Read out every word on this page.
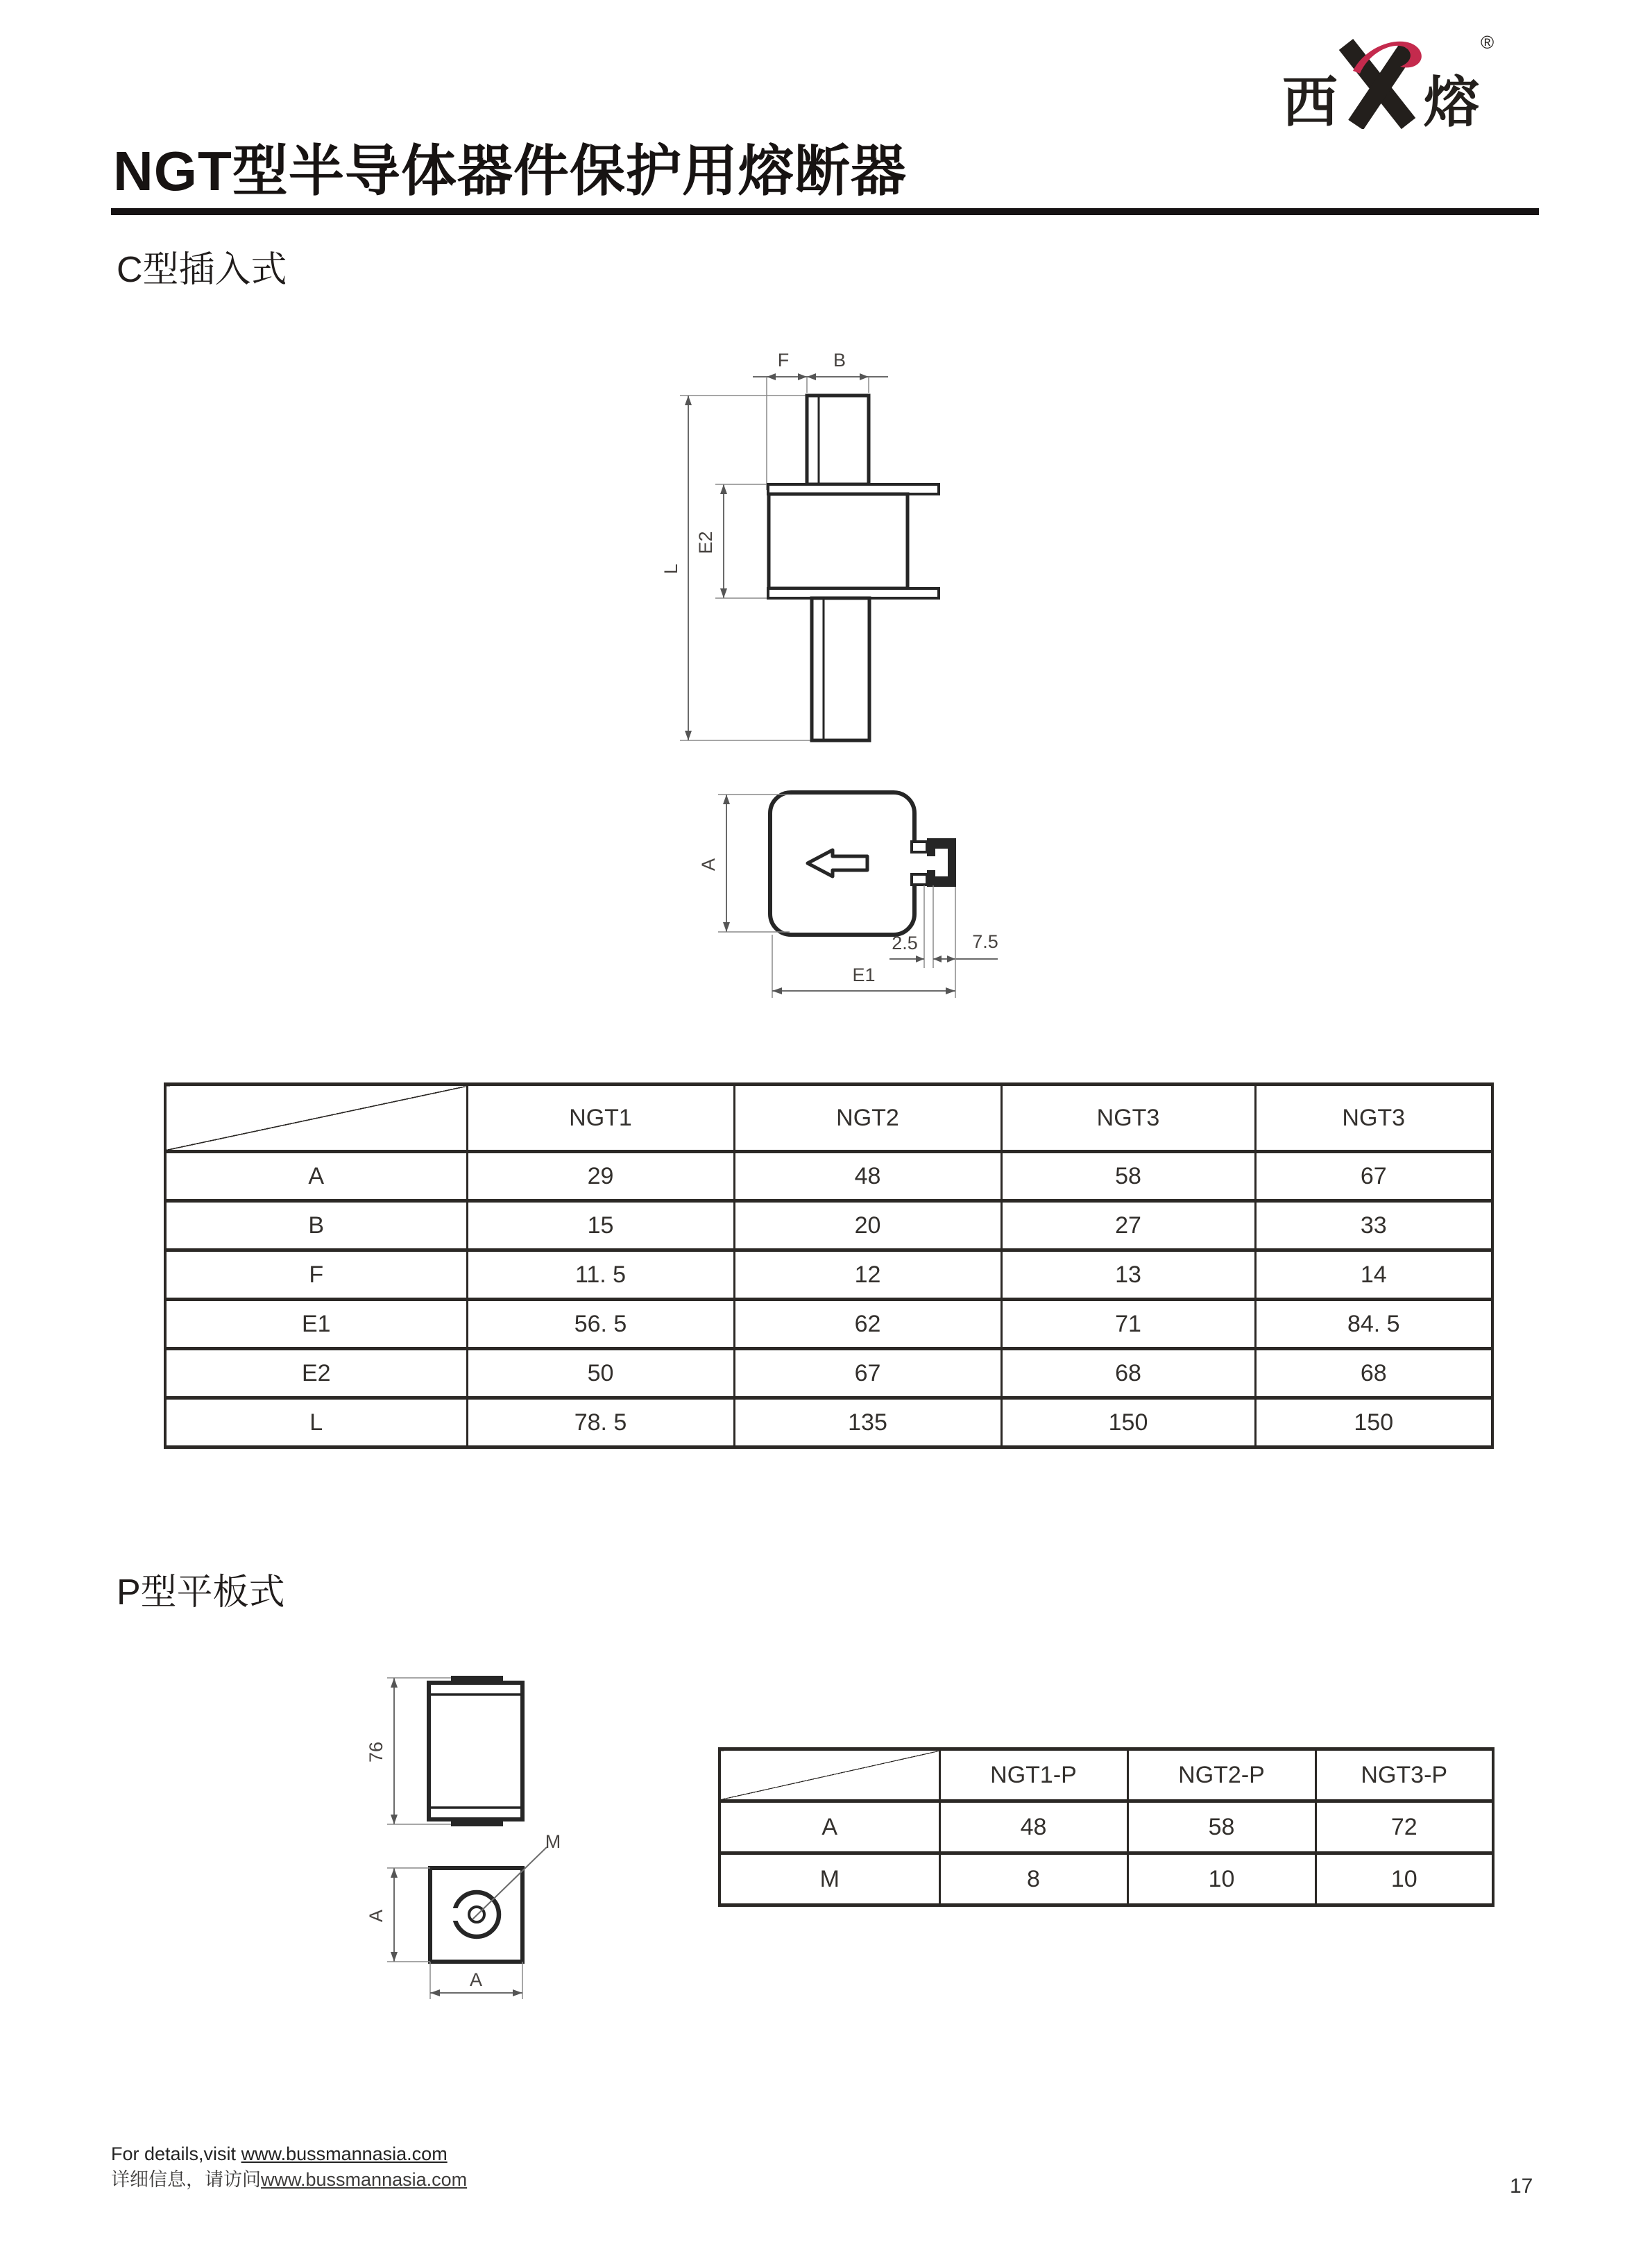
西 熔
®
NGT型半导体器件保护用熔断器
C型插入式
F B
L
E2
A
2.5	7.5
E1
	NGT1	NGT2	NGT3	NGT3
A	29	48	58	67
B	15	20	27	33
F	11. 5	12	13	14
E1	56. 5	62	71	84. 5
E2	50	67	68	68
L	78. 5	135	150	150
P型平板式
76
M
A
A
	NGT1-P	NGT2-P	NGT3-P
A	48	58	72
M	8	10	10
For details,visit www.bussmannasia.com
详细信息，请访问www.bussmannasia.com	17
